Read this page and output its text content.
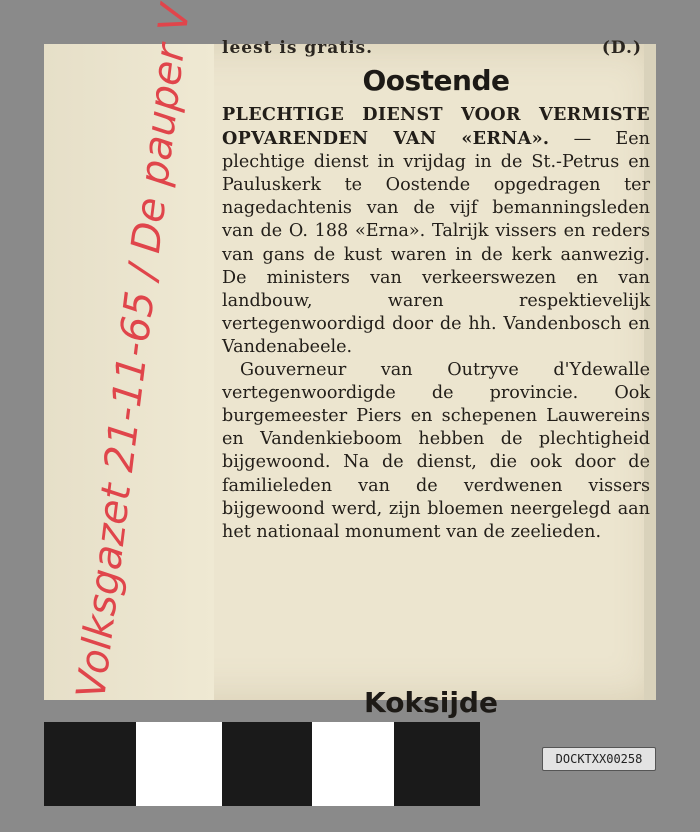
leest is gratis.	(D.)
Oostende

PLECHTIGE DIENST VOOR VERMISTE OPVARENDEN VAN «ERNA». — Een plechtige dienst in vrijdag in de St.-Petrus en Pauluskerk te Oostende opgedragen ter nagedachtenis van de vijf bemanningsleden van de O. 188 «Erna». Talrijk vissers en reders van gans de kust waren in de kerk aanwezig. De ministers van verkeerswezen en van landbouw, waren respektievelijk vertegenwoordigd door de hh. Vandenbosch en Vandenabeele.

Gouverneur van Outryve d'Ydewalle vertegenwoordigde de provincie. Ook burgemeester Piers en schepenen Lauwereins en Vandenkieboom hebben de plechtigheid bijgewoond. Na de dienst, die ook door de familieleden van de verdwenen vissers bijgewoond werd, zijn bloemen neergelegd aan het nationaal monument van de zeelieden.

Koksijde
Volksgazet 21-11-65 / De pauper V
DOCKTXX00258
